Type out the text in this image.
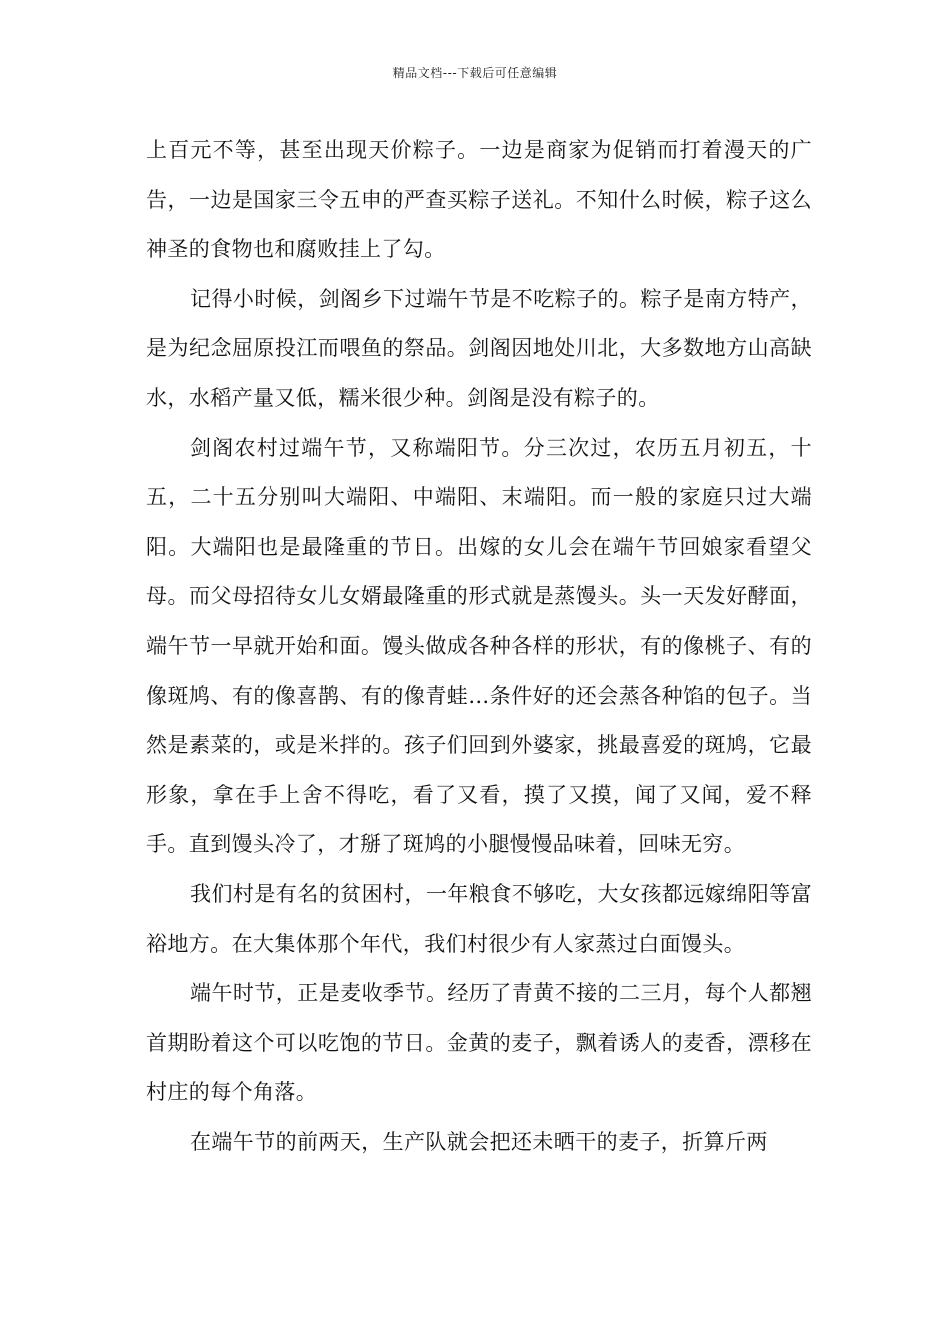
精品文档---下载后可任意编辑

上百元不等，甚至出现天价粽子。一边是商家为促销而打着漫天的广告，一边是国家三令五申的严查买粽子送礼。不知什么时候，粽子这么神圣的食物也和腐败挂上了勾。

记得小时候，剑阁乡下过端午节是不吃粽子的。粽子是南方特产，是为纪念屈原投江而喂鱼的祭品。剑阁因地处川北，大多数地方山高缺水，水稻产量又低，糯米很少种。剑阁是没有粽子的。

剑阁农村过端午节，又称端阳节。分三次过，农历五月初五，十五，二十五分别叫大端阳、中端阳、末端阳。而一般的家庭只过大端阳。大端阳也是最隆重的节日。出嫁的女儿会在端午节回娘家看望父母。而父母招待女儿女婿最隆重的形式就是蒸馒头。头一天发好酵面，端午节一早就开始和面。馒头做成各种各样的形状，有的像桃子、有的像斑鸠、有的像喜鹊、有的像青蛙…条件好的还会蒸各种馅的包子。当然是素菜的，或是米拌的。孩子们回到外婆家，挑最喜爱的斑鸠，它最形象，拿在手上舍不得吃，看了又看，摸了又摸，闻了又闻，爱不释手。直到馒头冷了，才掰了斑鸠的小腿慢慢品味着，回味无穷。

我们村是有名的贫困村，一年粮食不够吃，大女孩都远嫁绵阳等富裕地方。在大集体那个年代，我们村很少有人家蒸过白面馒头。

端午时节，正是麦收季节。经历了青黄不接的二三月，每个人都翘首期盼着这个可以吃饱的节日。金黄的麦子，飘着诱人的麦香，漂移在村庄的每个角落。

在端午节的前两天，生产队就会把还未晒干的麦子，折算斤两
